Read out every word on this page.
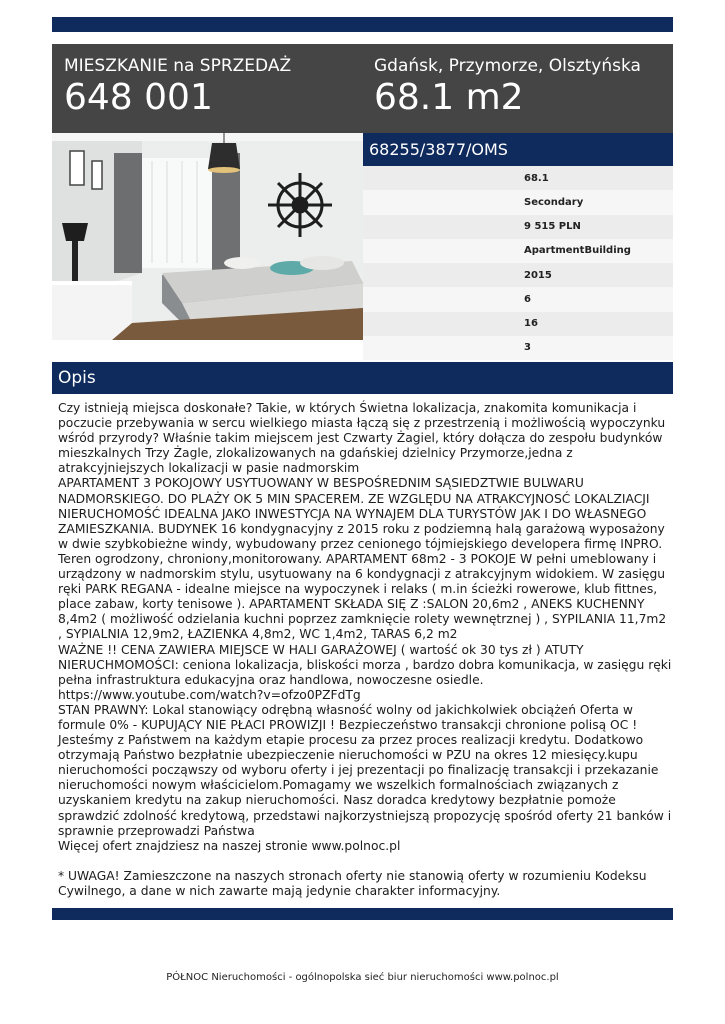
MIESZKANIE na SPRZEDAŻ
648 001
Gdańsk, Przymorze, Olsztyńska
68.1 m2
68255/3877/OMS
68.1
Secondary
9 515 PLN
ApartmentBuilding
2015
6
16
3
Opis

Czy istnieją miejsca doskonałe? Takie, w których Świetna lokalizacja, znakomita komunikacja i

poczucie przebywania w sercu wielkiego miasta łączą się z przestrzenią i możliwością wypoczynku

wśród przyrody? Właśnie takim miejscem jest Czwarty Żagiel, który dołącza do zespołu budynków

mieszkalnych Trzy Żagle, zlokalizowanych na gdańskiej dzielnicy Przymorze,jedna z

atrakcyjniejszych lokalizacji w pasie nadmorskim

APARTAMENT 3 POKOJOWY USYTUOWANY W BESPOŚREDNIM SĄSIEDZTWIE BULWARU

NADMORSKIEGO. DO PLAŻY OK 5 MIN SPACEREM. ZE WZGLĘDU NA ATRAKCYJNOSĆ LOKALZIACJI

NIERUCHOMOŚĆ IDEALNA JAKO INWESTYCJA NA WYNAJEM DLA TURYSTÓW JAK I DO WŁASNEGO

ZAMIESZKANIA. BUDYNEK 16 kondygnacyjny z 2015 roku z podziemną halą garażową wyposażony

w dwie szybkobieżne windy, wybudowany przez cenionego tójmiejskiego developera firmę INPRO.

Teren ogrodzony, chroniony,monitorowany. APARTAMENT 68m2 - 3 POKOJE W pełni umeblowany i

urządzony w nadmorskim stylu, usytuowany na 6 kondygnacji z atrakcyjnym widokiem. W zasięgu

ręki PARK REGANA - idealne miejsce na wypoczynek i relaks ( m.in ścieżki rowerowe, klub fittnes,

place zabaw, korty tenisowe ). APARTAMENT SKŁADA SIĘ Z :SALON 20,6m2 , ANEKS KUCHENNY

8,4m2 ( możliwość odzielania kuchni poprzez zamknięcie rolety wewnętrznej ) , SYPILANIA 11,7m2

, SYPIALNIA 12,9m2, ŁAZIENKA 4,8m2, WC 1,4m2, TARAS 6,2 m2

WAŻNE !! CENA ZAWIERA MIEJSCE W HALI GARAŻOWEJ ( wartość ok 30 tys zł ) ATUTY

NIERUCHMOMOŚCI: ceniona lokalizacja, bliskości morza , bardzo dobra komunikacja, w zasięgu ręki

pełna infrastruktura edukacyjna oraz handlowa, nowoczesne osiedle.

https://www.youtube.com/watch?v=ofzo0PZFdTg

STAN PRAWNY: Lokal stanowiący odrębną własność wolny od jakichkolwiek obciążeń Oferta w

formule 0% - KUPUJĄCY NIE PŁACI PROWIZJI ! Bezpieczeństwo transakcji chronione polisą OC !

Jesteśmy z Państwem na każdym etapie procesu za przez proces realizacji kredytu. Dodatkowo

otrzymają Państwo bezpłatnie ubezpieczenie nieruchomości w PZU na okres 12 miesięcy.kupu

nieruchomości począwszy od wyboru oferty i jej prezentacji po finalizację transakcji i przekazanie

nieruchomości nowym właścicielom.Pomagamy we wszelkich formalnościach związanych z

uzyskaniem kredytu na zakup nieruchomości. Nasz doradca kredytowy bezpłatnie pomoże

sprawdzić zdolność kredytową, przedstawi najkorzystniejszą propozycję spośród oferty 21 banków i

sprawnie przeprowadzi Państwa

Więcej ofert znajdziesz na naszej stronie www.polnoc.pl

* UWAGA! Zamieszczone na naszych stronach oferty nie stanowią oferty w rozumieniu Kodeksu

Cywilnego, a dane w nich zawarte mają jedynie charakter informacyjny.

PÓŁNOC Nieruchomości - ogólnopolska sieć biur nieruchomości www.polnoc.pl
